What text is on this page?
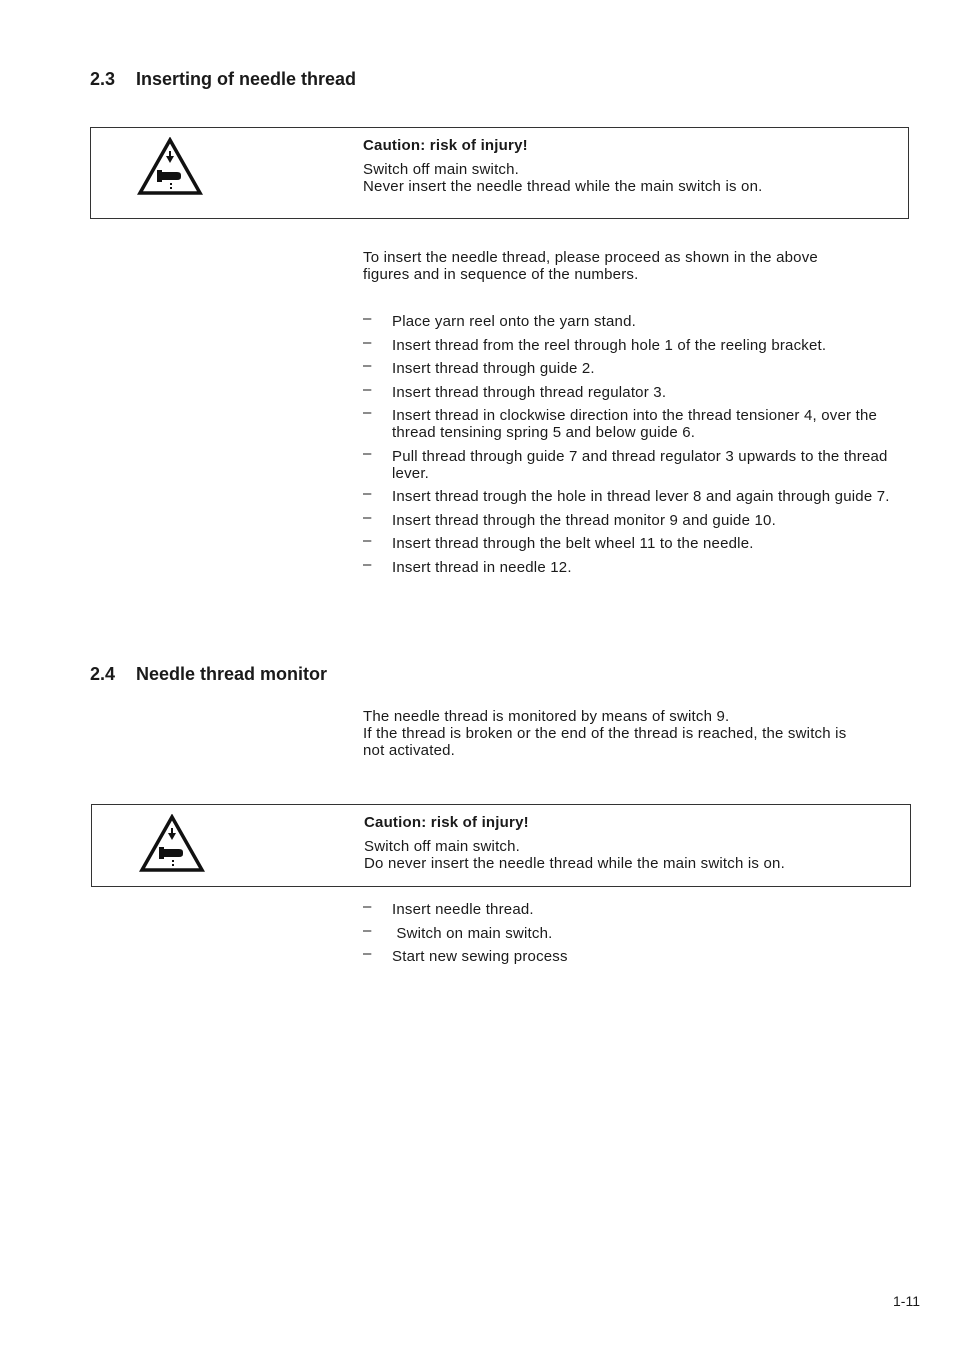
2.3 Inserting of needle thread
Caution: risk of injury!
Switch off main switch.
Never insert the needle thread while the main switch is on.

To insert the needle thread, please proceed as shown in the above
figures and in sequence of the numbers.

– Place yarn reel onto the yarn stand.
– Insert thread from the reel through hole 1 of the reeling bracket.
– Insert thread through guide 2.
– Insert thread through thread regulator 3.
– Insert thread in clockwise direction into the thread tensioner 4, over the thread tensining spring 5 and below guide 6.
– Pull thread through guide 7 and thread regulator 3 upwards to the thread lever.
– Insert thread trough the hole in thread lever 8 and again through guide 7.
– Insert thread through the thread monitor 9 and guide 10.
– Insert thread through the belt wheel 11 to the needle.
– Insert thread in needle 12.
2.4 Needle thread monitor

The needle thread is monitored by means of switch 9.
If the thread is broken or the end of the thread is reached, the switch is
not activated.

Caution: risk of injury!
Switch off main switch.
Do never insert the needle thread while the main switch is on.
– Insert needle thread.
– Switch on main switch.
– Start new sewing process
1-11
